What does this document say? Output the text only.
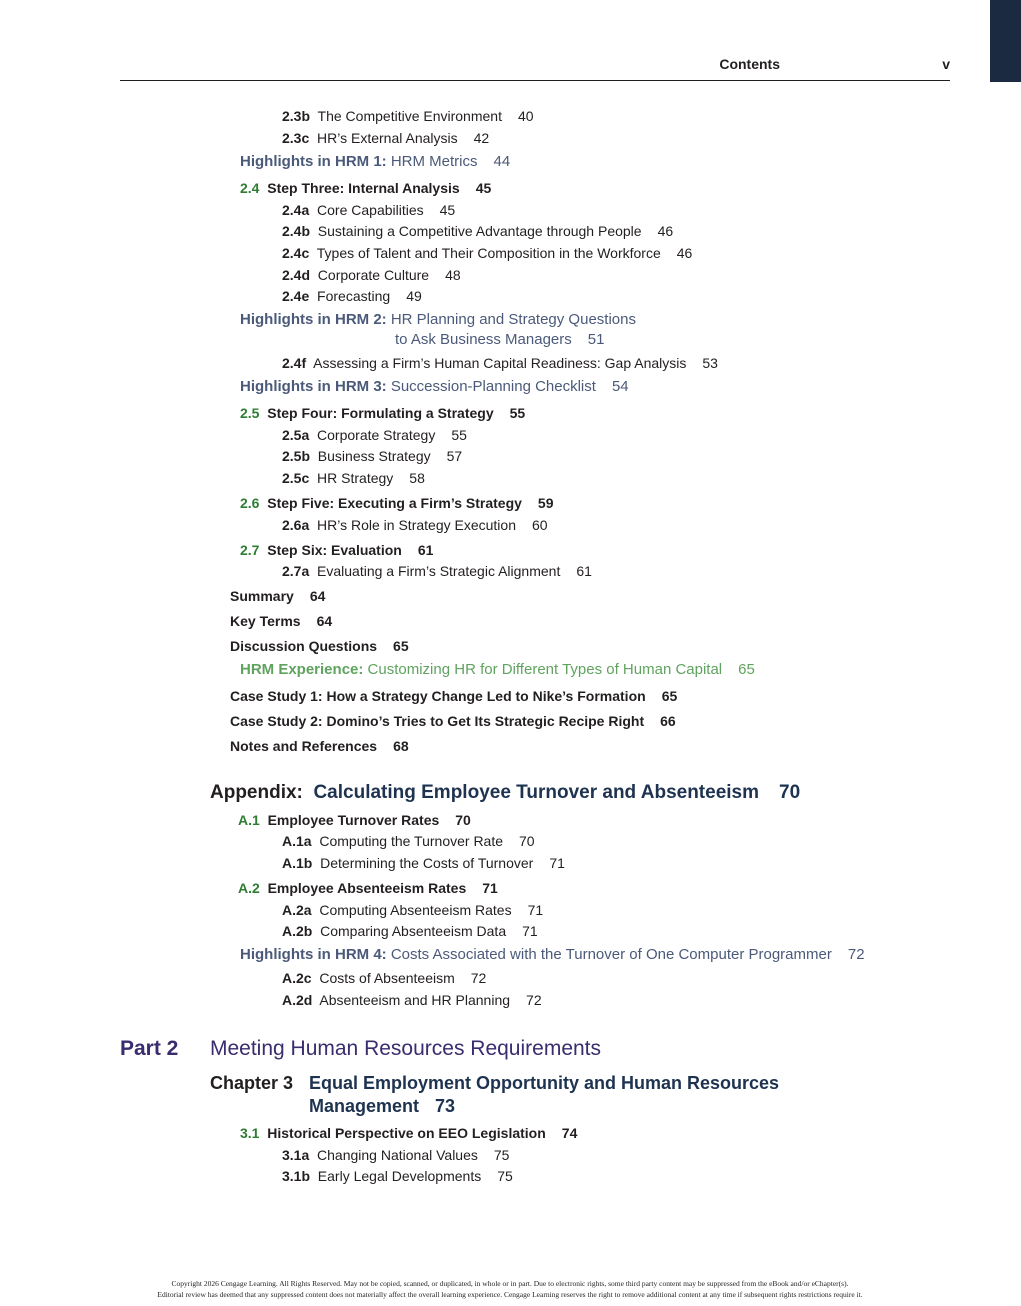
Contents	v
2.3b The Competitive Environment 40
2.3c HR’s External Analysis 42
Highlights in HRM 1: HRM Metrics 44
2.4 Step Three: Internal Analysis 45
2.4a Core Capabilities 45
2.4b Sustaining a Competitive Advantage through People 46
2.4c Types of Talent and Their Composition in the Workforce 46
2.4d Corporate Culture 48
2.4e Forecasting 49
Highlights in HRM 2: HR Planning and Strategy Questions
to Ask Business Managers 51
2.4f Assessing a Firm’s Human Capital Readiness: Gap Analysis 53
Highlights in HRM 3: Succession-Planning Checklist 54
2.5 Step Four: Formulating a Strategy 55
2.5a Corporate Strategy 55
2.5b Business Strategy 57
2.5c HR Strategy 58
2.6 Step Five: Executing a Firm’s Strategy 59
2.6a HR’s Role in Strategy Execution 60
2.7 Step Six: Evaluation 61
2.7a Evaluating a Firm’s Strategic Alignment 61
Summary 64
Key Terms 64
Discussion Questions 65
HRM Experience: Customizing HR for Different Types of Human Capital 65
Case Study 1: How a Strategy Change Led to Nike’s Formation 65
Case Study 2: Domino’s Tries to Get Its Strategic Recipe Right 66
Notes and References 68
Appendix: Calculating Employee Turnover and Absenteeism 70
A.1 Employee Turnover Rates 70
A.1a Computing the Turnover Rate 70
A.1b Determining the Costs of Turnover 71
A.2 Employee Absenteeism Rates 71
A.2a Computing Absenteeism Rates 71
A.2b Comparing Absenteeism Data 71
Highlights in HRM 4: Costs Associated with the Turnover of One Computer Programmer 72
A.2c Costs of Absenteeism 72
A.2d Absenteeism and HR Planning 72
Part 2 Meeting Human Resources Requirements
Chapter 3 Equal Employment Opportunity and Human Resources
Management 73
3.1 Historical Perspective on EEO Legislation 74
3.1a Changing National Values 75
3.1b Early Legal Developments 75
Copyright 2026 Cengage Learning. All Rights Reserved. May not be copied, scanned, or duplicated, in whole or in part. Due to electronic rights, some third party content may be suppressed from the eBook and/or eChapter(s).
Editorial review has deemed that any suppressed content does not materially affect the overall learning experience. Cengage Learning reserves the right to remove additional content at any time if subsequent rights restrictions require it.
